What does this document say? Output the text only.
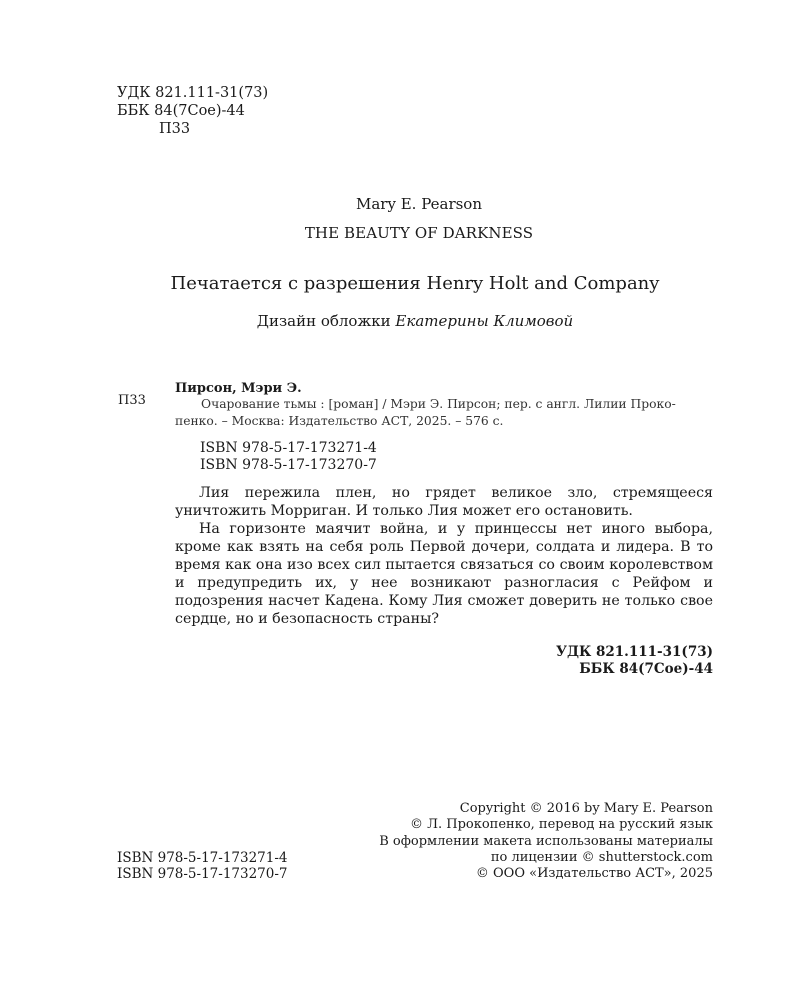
УДК 821.111-31(73)
ББК 84(7Сое)-44
П33
Mary E. Pearson
THE BEAUTY OF DARKNESS
Печатается с разрешения Henry Holt and Company
Дизайн обложки Екатерины Климовой
П33
Пирсон, Мэри Э.
Очарование тьмы : [роман] / Мэри Э. Пирсон; пер. с англ. Лилии Проко-
пенко. – Москва: Издательство АСТ, 2025. – 576 с.
ISBN 978-5-17-173271-4
ISBN 978-5-17-173270-7

Лия пережила плен, но грядет великое зло, стремящееся уничтожить Морриган. И только Лия может его остановить.

На горизонте маячит война, и у принцессы нет иного выбора, кроме как взять на себя роль Первой дочери, солдата и лидера. В то время как она изо всех сил пытается связаться со своим королевством и предупредить их, у нее возникают разногласия с Рейфом и подозрения насчет Кадена. Кому Лия сможет доверить не только свое сердце, но и безопасность страны?

УДК 821.111-31(73)
ББК 84(7Сое)-44
Copyright © 2016 by Mary E. Pearson
© Л. Прокопенко, перевод на русский язык
В оформлении макета использованы материалы
по лицензии © shutterstock.com
© ООО «Издательство АСТ», 2025
ISBN 978-5-17-173271-4
ISBN 978-5-17-173270-7
